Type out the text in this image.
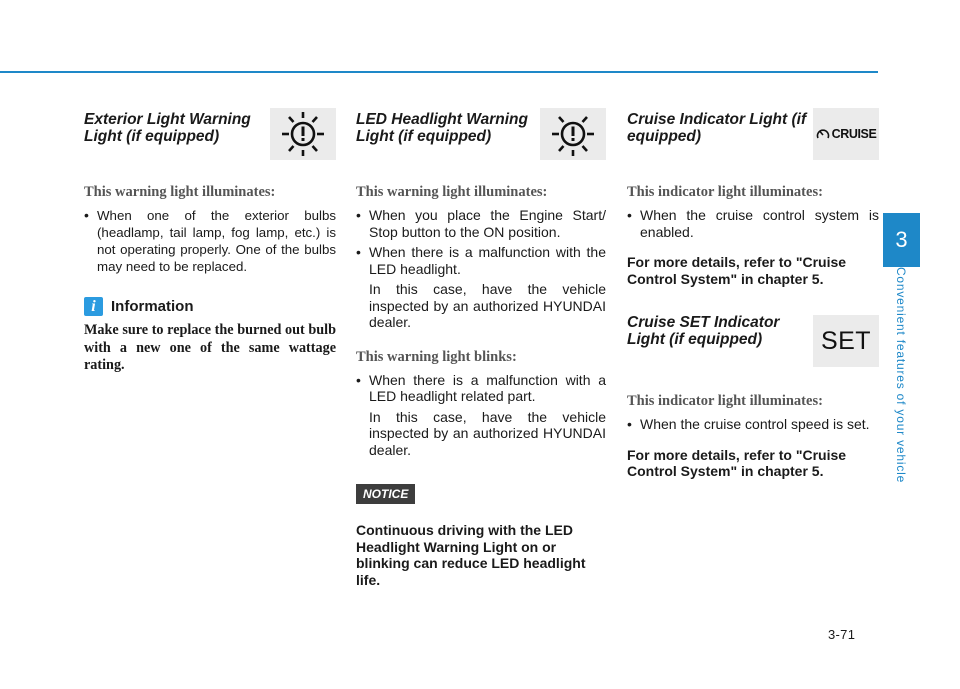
Exterior Light Warning Light (if equipped)
This warning light illuminates:
• When one of the exterior bulbs (headlamp, tail lamp, fog lamp, etc.) is not operating properly. One of the bulbs may need to be replaced.
i	Information
Make sure to replace the burned out bulb with a new one of the same wattage rating.
LED Headlight Warning Light (if equipped)
This warning light illuminates:
• When you place the Engine Start/ Stop button to the ON position.
• When there is a malfunction with the LED headlight.
In this case, have the vehicle inspected by an authorized HYUNDAI dealer.
This warning light blinks:
• When there is a malfunction with a LED headlight related part.
In this case, have the vehicle inspected by an authorized HYUNDAI dealer.
NOTICE
Continuous driving with the LED Headlight Warning Light on or blinking can reduce LED headlight life.
Cruise Indicator Light (if equipped)	CRUISE
This indicator light illuminates:
• When the cruise control system is enabled.
For more details, refer to "Cruise Control System" in chapter 5.
Cruise SET Indicator Light (if equipped)	SET
This indicator light illuminates:
• When the cruise control speed is set.
For more details, refer to "Cruise Control System" in chapter 5.
3
Convenient features of your vehicle
3-71
